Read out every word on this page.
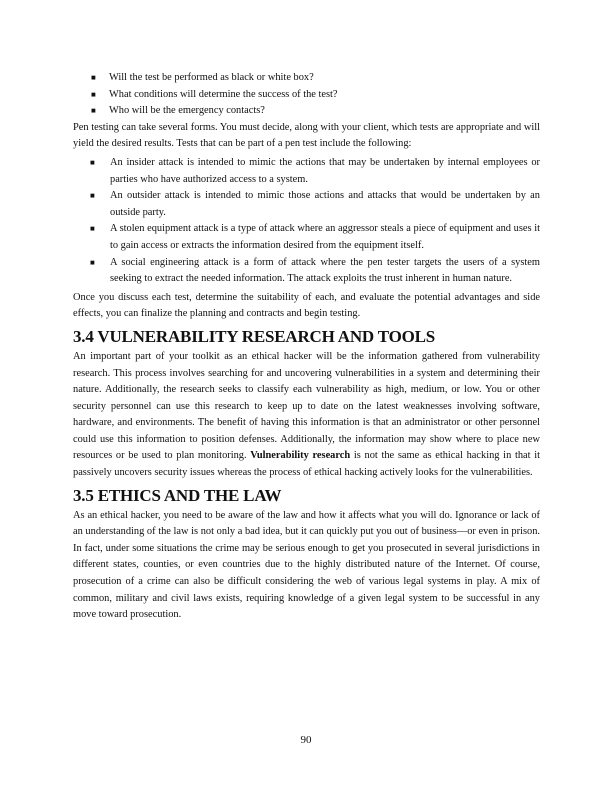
■ Will the test be performed as black or white box?
■ What conditions will determine the success of the test?
■ Who will be the emergency contacts?

Pen testing can take several forms. You must decide, along with your client, which tests are appropriate and will yield the desired results. Tests that can be part of a pen test include the following:

■ An insider attack is intended to mimic the actions that may be undertaken by internal employees or parties who have authorized access to a system.
■ An outsider attack is intended to mimic those actions and attacks that would be undertaken by an outside party.
■ A stolen equipment attack is a type of attack where an aggressor steals a piece of equipment and uses it to gain access or extracts the information desired from the equipment itself.
■ A social engineering attack is a form of attack where the pen tester targets the users of a system seeking to extract the needed information. The attack exploits the trust inherent in human nature.

Once you discuss each test, determine the suitability of each, and evaluate the potential advantages and side effects, you can finalize the planning and contracts and begin testing.

3.4 VULNERABILITY RESEARCH AND TOOLS

An important part of your toolkit as an ethical hacker will be the information gathered from vulnerability research. This process involves searching for and uncovering vulnerabilities in a system and determining their nature. Additionally, the research seeks to classify each vulnerability as high, medium, or low. You or other security personnel can use this research to keep up to date on the latest weaknesses involving software, hardware, and environments. The benefit of having this information is that an administrator or other personnel could use this information to position defenses. Additionally, the information may show where to place new resources or be used to plan monitoring. Vulnerability research is not the same as ethical hacking in that it passively uncovers security issues whereas the process of ethical hacking actively looks for the vulnerabilities.

3.5 ETHICS AND THE LAW

As an ethical hacker, you need to be aware of the law and how it affects what you will do. Ignorance or lack of an understanding of the law is not only a bad idea, but it can quickly put you out of business—or even in prison. In fact, under some situations the crime may be serious enough to get you prosecuted in several jurisdictions in different states, counties, or even countries due to the highly distributed nature of the Internet. Of course, prosecution of a crime can also be difficult considering the web of various legal systems in play. A mix of common, military and civil laws exists, requiring knowledge of a given legal system to be successful in any move toward prosecution.

90
